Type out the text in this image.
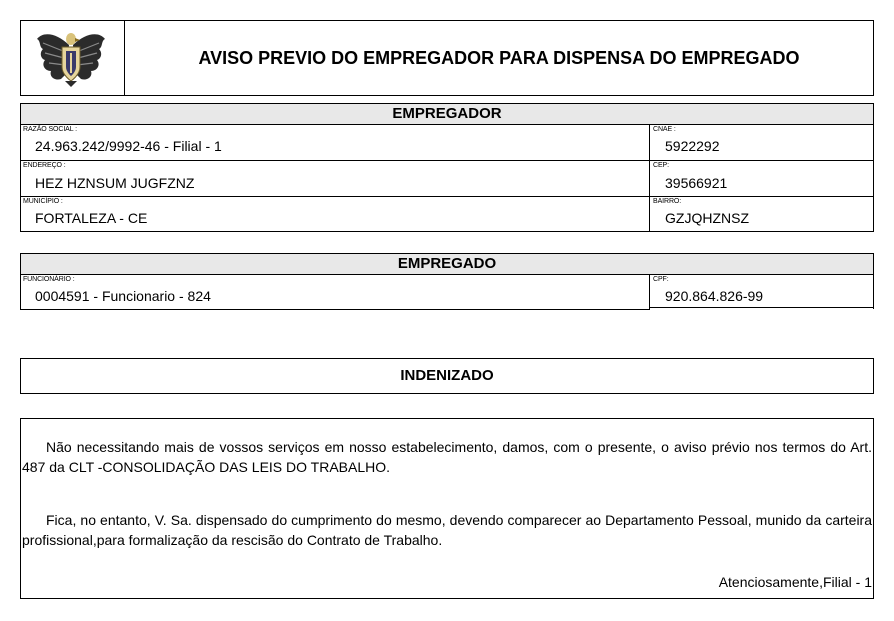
AVISO PREVIO DO EMPREGADOR PARA DISPENSA DO EMPREGADO
EMPREGADOR
RAZÃO SOCIAL :
24.963.242/9992-46 - Filial - 1
CNAE :
5922292
ENDEREÇO :
HEZ HZNSUM JUGFZNZ
CEP:
39566921
MUNICÍPIO :
FORTALEZA - CE
BAIRRO:
GZJQHZNSZ
EMPREGADO
FUNCIONÁRIO :
0004591 - Funcionario - 824
CPF:
920.864.826-99
INDENIZADO
Não necessitando mais de vossos serviços em nosso estabelecimento, damos, com o presente, o aviso prévio nos termos do Art. 487 da CLT -CONSOLIDAÇÃO DAS LEIS DO TRABALHO.
Fica, no entanto, V. Sa. dispensado do cumprimento do mesmo, devendo comparecer ao Departamento Pessoal, munido da carteira profissional,para formalização da rescisão do Contrato de Trabalho.
Atenciosamente,Filial - 1
